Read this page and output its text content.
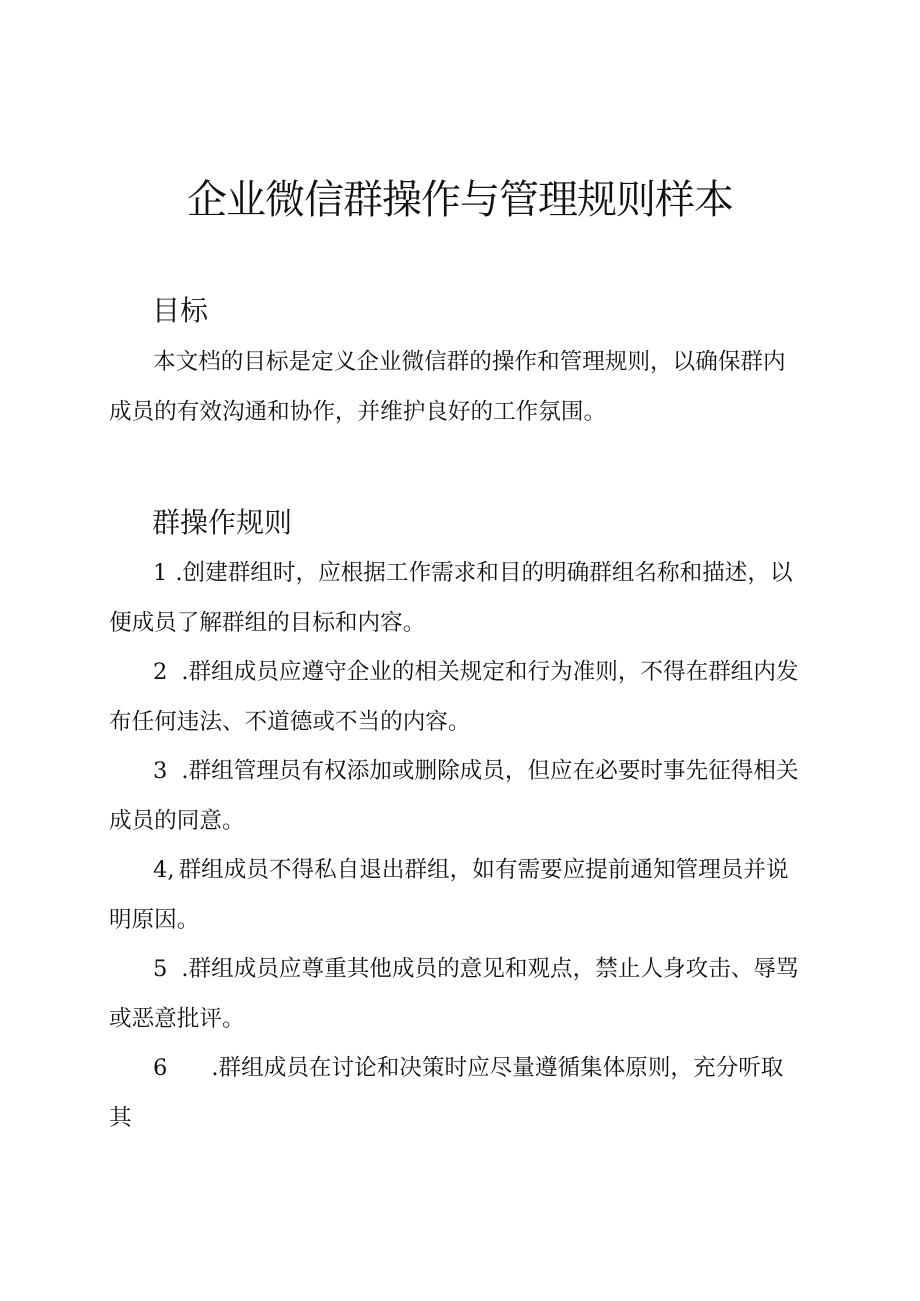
企业微信群操作与管理规则样本
目标
本文档的目标是定义企业微信群的操作和管理规则，以确保群内
成员的有效沟通和协作，并维护良好的工作氛围。
群操作规则
1 .创建群组时，应根据工作需求和目的明确群组名称和描述，以
便成员了解群组的目标和内容。
2 .群组成员应遵守企业的相关规定和行为准则，不得在群组内发
布任何违法、不道德或不当的内容。
3 .群组管理员有权添加或删除成员，但应在必要时事先征得相关
成员的同意。
4, 群组成员不得私自退出群组，如有需要应提前通知管理员并说
明原因。
5 .群组成员应尊重其他成员的意见和观点，禁止人身攻击、辱骂
或恶意批评。
6 .群组成员在讨论和决策时应尽量遵循集体原则，充分听取
其
